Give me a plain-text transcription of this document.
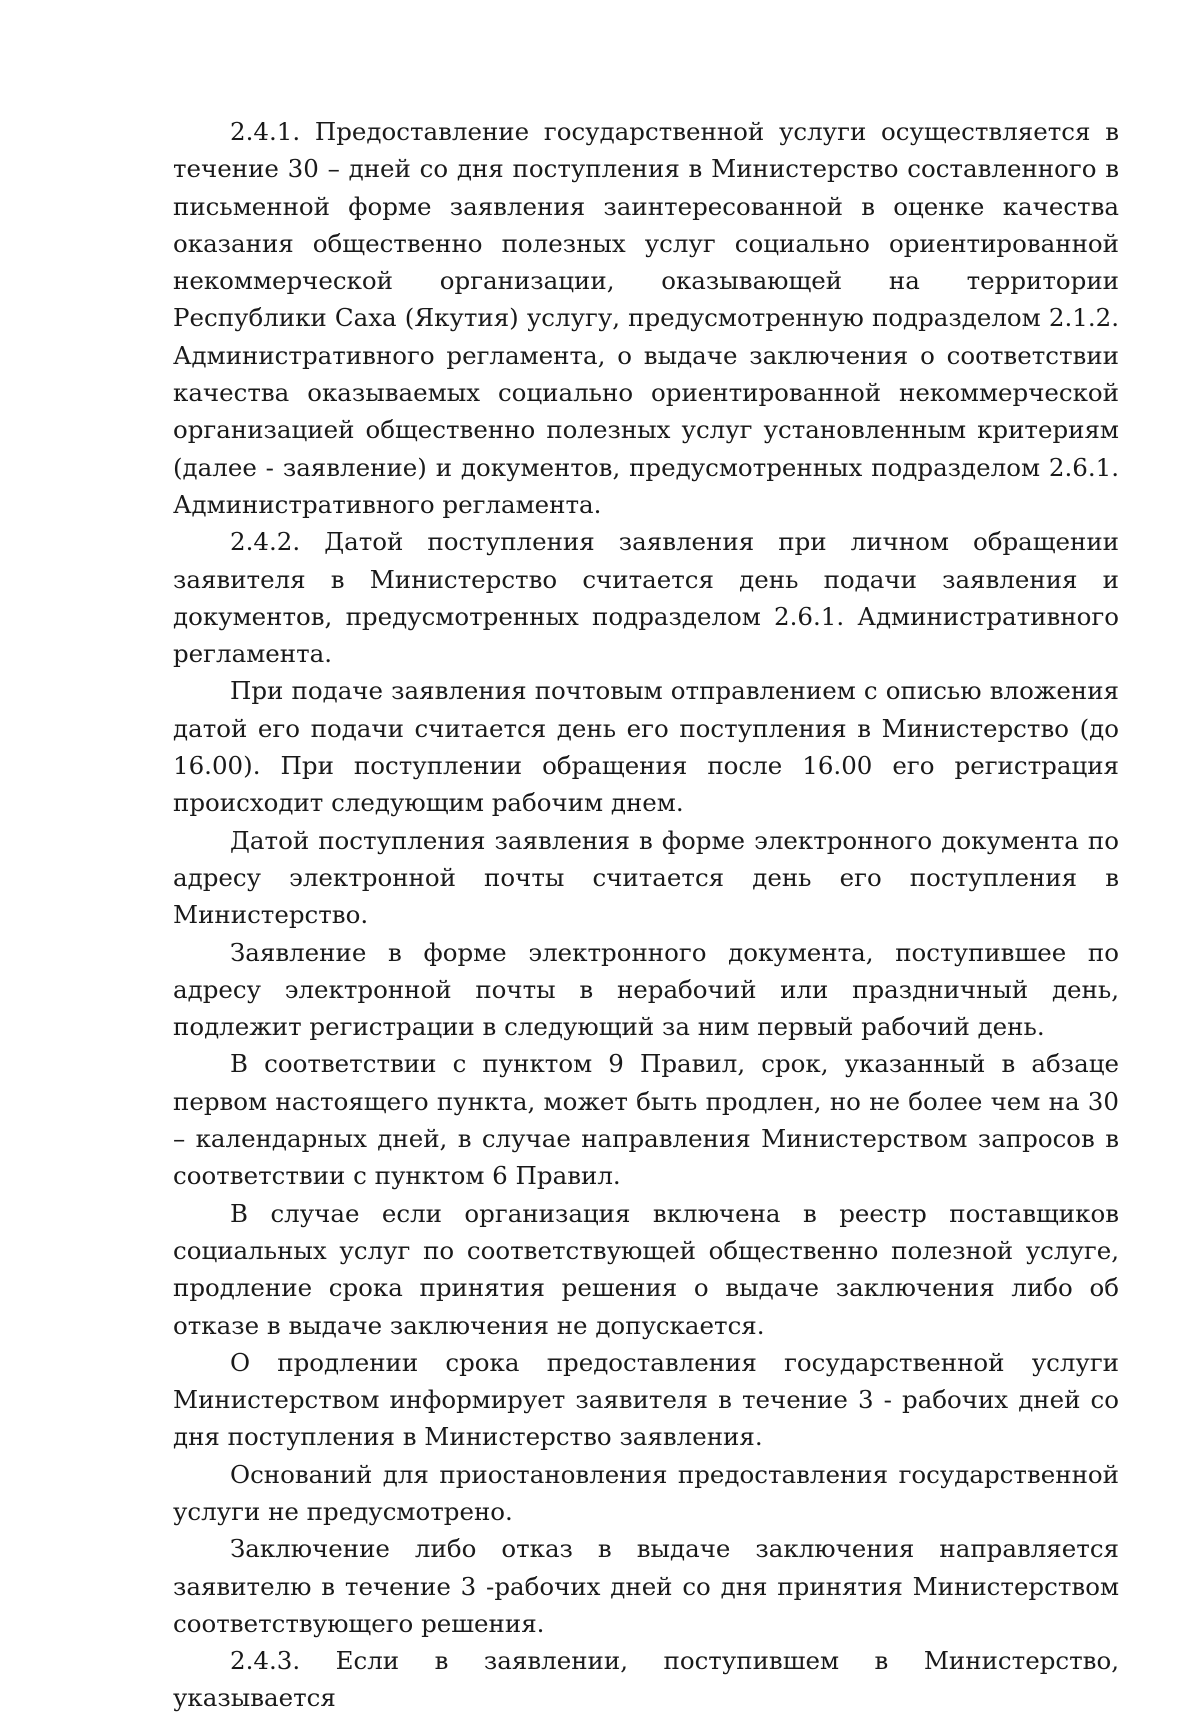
2.4.1. Предоставление государственной услуги осуществляется в течение 30 – дней со дня поступления в Министерство составленного в письменной форме заявления заинтересованной в оценке качества оказания общественно полезных услуг социально ориентированной некоммерческой организации, оказывающей на территории Республики Саха (Якутия) услугу, предусмотренную подразделом 2.1.2. Административного регламента, о выдаче заключения о соответствии качества оказываемых социально ориентированной некоммерческой организацией общественно полезных услуг установленным критериям (далее - заявление) и документов, предусмотренных подразделом 2.6.1. Административного регламента.

2.4.2. Датой поступления заявления при личном обращении заявителя в Министерство считается день подачи заявления и документов, предусмотренных подразделом 2.6.1. Административного регламента.

При подаче заявления почтовым отправлением с описью вложения датой его подачи считается день его поступления в Министерство (до 16.00). При поступлении обращения после 16.00 его регистрация происходит следующим рабочим днем.

Датой поступления заявления в форме электронного документа по адресу электронной почты считается день его поступления в Министерство.

Заявление в форме электронного документа, поступившее по адресу электронной почты в нерабочий или праздничный день, подлежит регистрации в следующий за ним первый рабочий день.

В соответствии с пунктом 9 Правил, срок, указанный в абзаце первом настоящего пункта, может быть продлен, но не более чем на 30 – календарных дней, в случае направления Министерством запросов в соответствии с пунктом 6 Правил.

В случае если организация включена в реестр поставщиков социальных услуг по соответствующей общественно полезной услуге, продление срока принятия решения о выдаче заключения либо об отказе в выдаче заключения не допускается.

О продлении срока предоставления государственной услуги Министерством информирует заявителя в течение 3 - рабочих дней со дня поступления в Министерство заявления.

Оснований для приостановления предоставления государственной услуги не предусмотрено.

Заключение либо отказ в выдаче заключения направляется заявителю в течение 3 -рабочих дней со дня принятия Министерством соответствующего решения.

2.4.3. Если в заявлении, поступившем в Министерство, указывается
